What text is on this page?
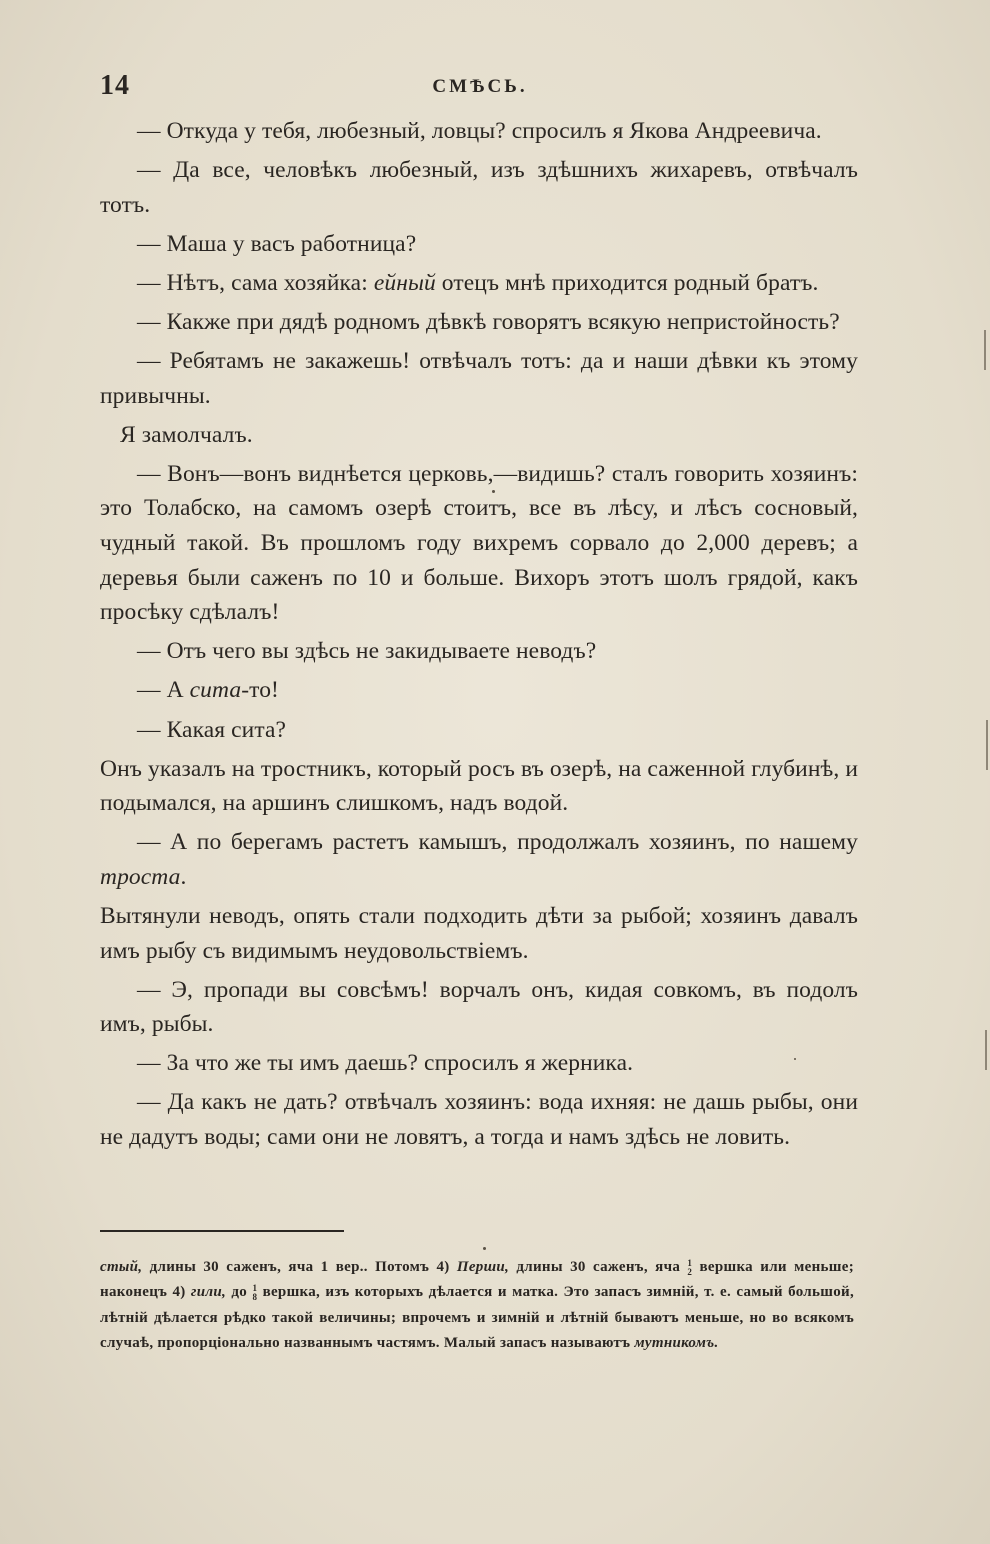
14	СМѢСЬ.

— Откуда у тебя, любезный, ловцы? спросилъ я Якова Андреевича.

— Да все, человѣкъ любезный, изъ здѣшнихъ жихаревъ, отвѣчалъ тотъ.

— Маша у васъ работница?

— Нѣтъ, сама хозяйка: ейный отецъ мнѣ приходится родный братъ.

— Какже при дядѣ родномъ дѣвкѣ говорятъ всякую непристойность?

— Ребятамъ не закажешь! отвѣчалъ тотъ: да и наши дѣвки къ этому привычны.

Я замолчалъ.

— Вонъ—вонъ виднѣется церковь,—видишь? сталъ говорить хозяинъ: это Толабско, на самомъ озерѣ стоитъ, все въ лѣсу, и лѣсъ сосновый, чудный такой. Въ прошломъ году вихремъ сорвало до 2,000 деревъ; а деревья были саженъ по 10 и больше. Вихоръ этотъ шолъ грядой, какъ просѣку сдѣлалъ!

— Отъ чего вы здѣсь не закидываете неводъ?

— А сита-то!

— Какая сита?

Онъ указалъ на тростникъ, который росъ въ озерѣ, на саженной глубинѣ, и подымался, на аршинъ слишкомъ, надъ водой.

— А по берегамъ растетъ камышъ, продолжалъ хозяинъ, по нашему троста.

Вытянули неводъ, опять стали подходить дѣти за рыбой; хозяинъ давалъ имъ рыбу съ видимымъ неудовольствіемъ.

— Э, пропади вы совсѣмъ! ворчалъ онъ, кидая совкомъ, въ подолъ имъ, рыбы.

— За что же ты имъ даешь? спросилъ я жерника.

— Да какъ не дать? отвѣчалъ хозяинъ: вода ихняя: не дашь рыбы, они не дадутъ воды; сами они не ловятъ, а тогда и намъ здѣсь не ловить.

стый, длины 30 саженъ, яча 1 вер.. Потомъ 4) Перши, длины 30 саженъ, яча 1
2 вершка или меньше; наконецъ 4) гили, до 1
8 вершка, изъ которыхъ дѣлается и матка. Это запасъ зимній, т. е. самый большой, лѣтній дѣлается рѣдко такой величины; впрочемъ и зимній и лѣтній бываютъ меньше, но во всякомъ случаѣ, пропорціонально названнымъ частямъ. Малый запасъ называютъ мутникомъ.
